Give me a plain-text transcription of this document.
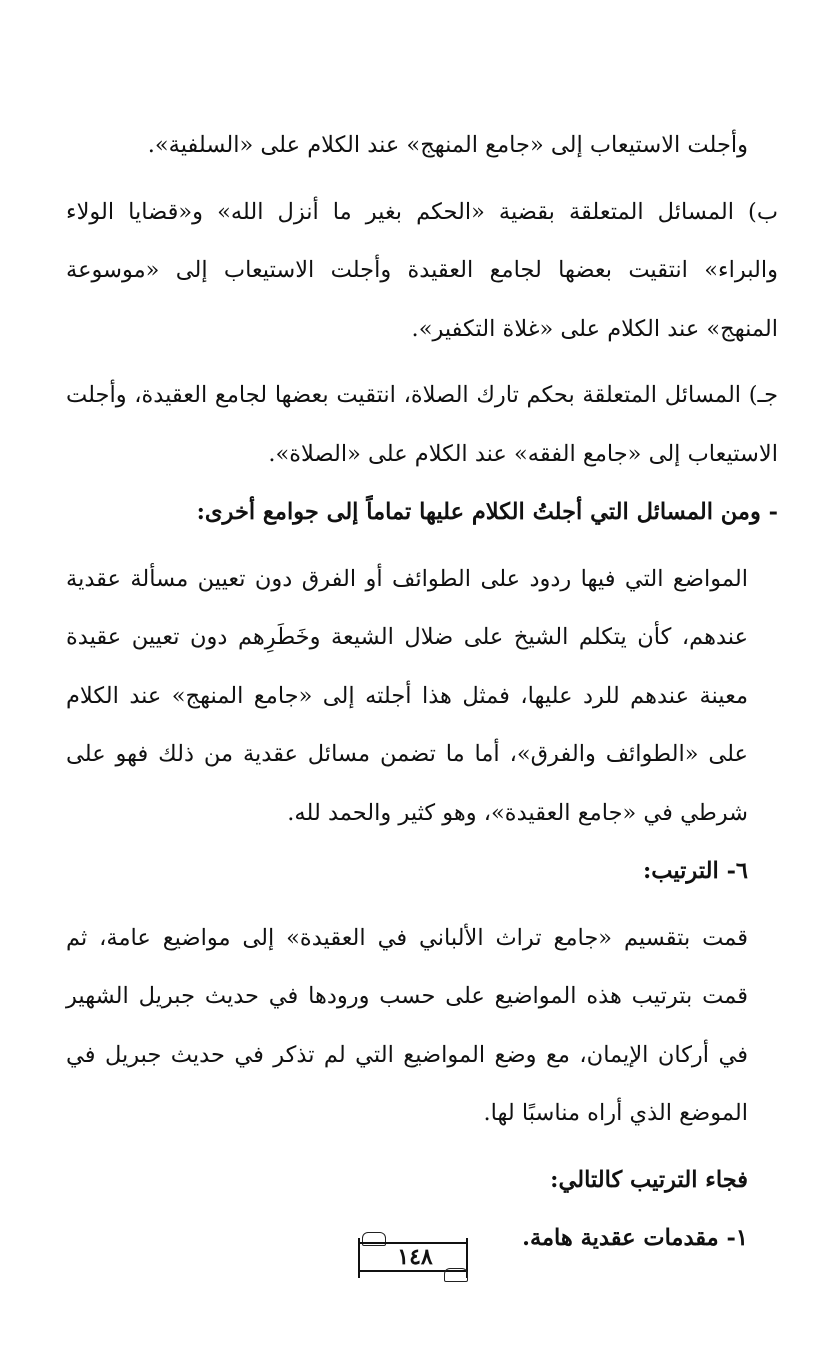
وأجلت الاستيعاب إلى «جامع المنهج» عند الكلام على «السلفية».

ب) المسائل المتعلقة بقضية «الحكم بغير ما أنزل الله» و«قضايا الولاء والبراء» انتقيت بعضها لجامع العقيدة وأجلت الاستيعاب إلى «موسوعة المنهج» عند الكلام على «غلاة التكفير».

جـ) المسائل المتعلقة بحكم تارك الصلاة، انتقيت بعضها لجامع العقيدة، وأجلت الاستيعاب إلى «جامع الفقه» عند الكلام على «الصلاة».

- ومن المسائل التي أجلتُ الكلام عليها تماماً إلى جوامع أخرى:

المواضع التي فيها ردود على الطوائف أو الفرق دون تعيين مسألة عقدية عندهم، كأن يتكلم الشيخ على ضلال الشيعة وخَطَرِهم دون تعيين عقيدة معينة عندهم للرد عليها، فمثل هذا أجلته إلى «جامع المنهج» عند الكلام على «الطوائف والفرق»، أما ما تضمن مسائل عقدية من ذلك فهو على شرطي في «جامع العقيدة»، وهو كثير والحمد لله.

٦- الترتيب:

قمت بتقسيم «جامع تراث الألباني في العقيدة» إلى مواضيع عامة، ثم قمت بترتيب هذه المواضيع على حسب ورودها في حديث جبريل الشهير في أركان الإيمان، مع وضع المواضيع التي لم تذكر في حديث جبريل في الموضع الذي أراه مناسبًا لها.

فجاء الترتيب كالتالي:

١- مقدمات عقدية هامة.

١٤٨
